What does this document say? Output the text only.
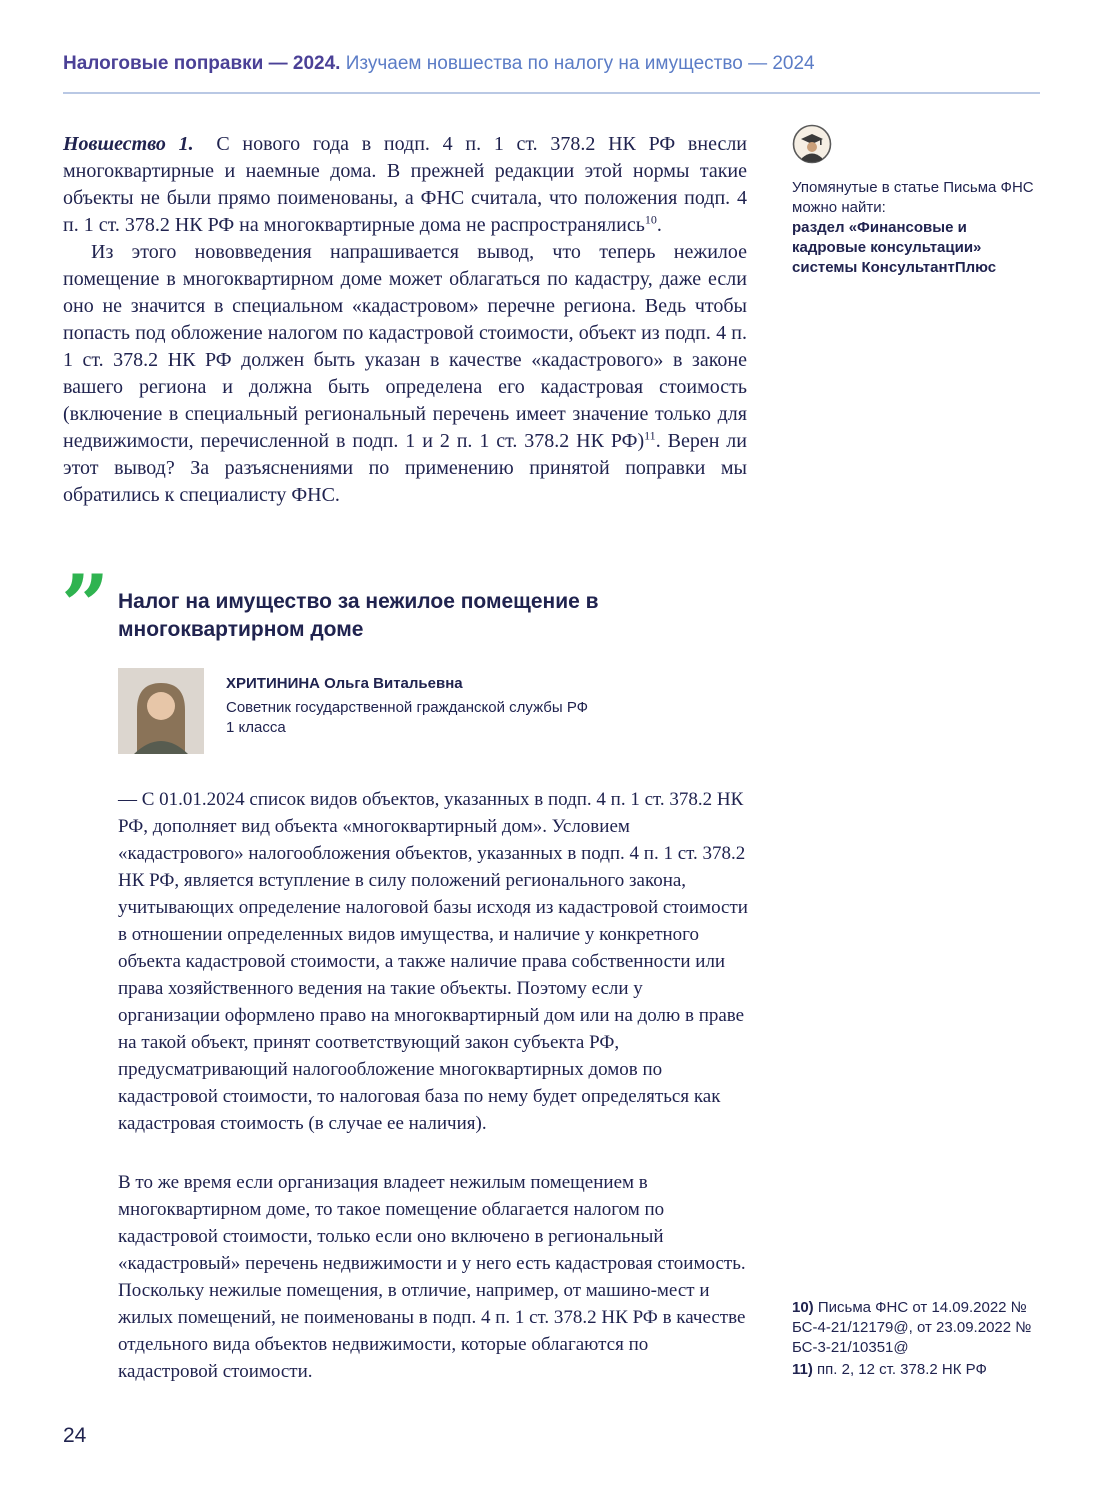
Налоговые поправки — 2024. Изучаем новшества по налогу на имущество — 2024

Новшество 1. С нового года в подп. 4 п. 1 ст. 378.2 НК РФ внесли многоквартирные и наемные дома. В прежней редакции этой нормы такие объекты не были прямо поименованы, а ФНС считала, что положения подп. 4 п. 1 ст. 378.2 НК РФ на многоквартирные дома не распространялись$^{10}$.

Из этого нововведения напрашивается вывод, что теперь нежилое помещение в многоквартирном доме может облагаться по кадастру, даже если оно не значится в специальном «кадастровом» перечне региона. Ведь чтобы попасть под обложение налогом по кадастровой стоимости, объект из подп. 4 п. 1 ст. 378.2 НК РФ должен быть указан в качестве «кадастрового» в законе вашего региона и должна быть определена его кадастровая стоимость (включение в специальный региональный перечень имеет значение только для недвижимости, перечисленной в подп. 1 и 2 п. 1 ст. 378.2 НК РФ)$^{11}$. Верен ли этот вывод? За разъяснениями по применению принятой поправки мы обратились к специалисту ФНС.

Упомянутые в статье Письма ФНС можно найти:
раздел «Финансовые и кадровые консультации» системы КонсультантПлюс

” Налог на имущество за нежилое помещение в многоквартирном доме
ХРИТИНИНА Ольга Витальевна
Советник государственной гражданской службы РФ
1 класса

— С 01.01.2024 список видов объектов, указанных в подп. 4 п. 1 ст. 378.2 НК РФ, дополняет вид объекта «многоквартирный дом». Условием «кадастрового» налогообложения объектов, указанных в подп. 4 п. 1 ст. 378.2 НК РФ, является вступление в силу положений регионального закона, учитывающих определение налоговой базы исходя из кадастровой стоимости в отношении определенных видов имущества, и наличие у конкретного объекта кадастровой стоимости, а также наличие права собственности или права хозяйственного ведения на такие объекты. Поэтому если у организации оформлено право на многоквартирный дом или на долю в праве на такой объект, принят соответствующий закон субъекта РФ, предусматривающий налогообложение многоквартирных домов по кадастровой стоимости, то налоговая база по нему будет определяться как кадастровая стоимость (в случае ее наличия).

В то же время если организация владеет нежилым помещением в многоквартирном доме, то такое помещение облагается налогом по кадастровой стоимости, только если оно включено в региональный «кадастровый» перечень недвижимости и у него есть кадастровая стоимость. Поскольку нежилые помещения, в отличие, например, от машино-мест и жилых помещений, не поименованы в подп. 4 п. 1 ст. 378.2 НК РФ в качестве отдельного вида объектов недвижимости, которые облагаются по кадастровой стоимости.

10) Письма ФНС от 14.09.2022 № БС-4-21/12179@, от 23.09.2022 № БС-3-21/10351@

11) пп. 2, 12 ст. 378.2 НК РФ

24
